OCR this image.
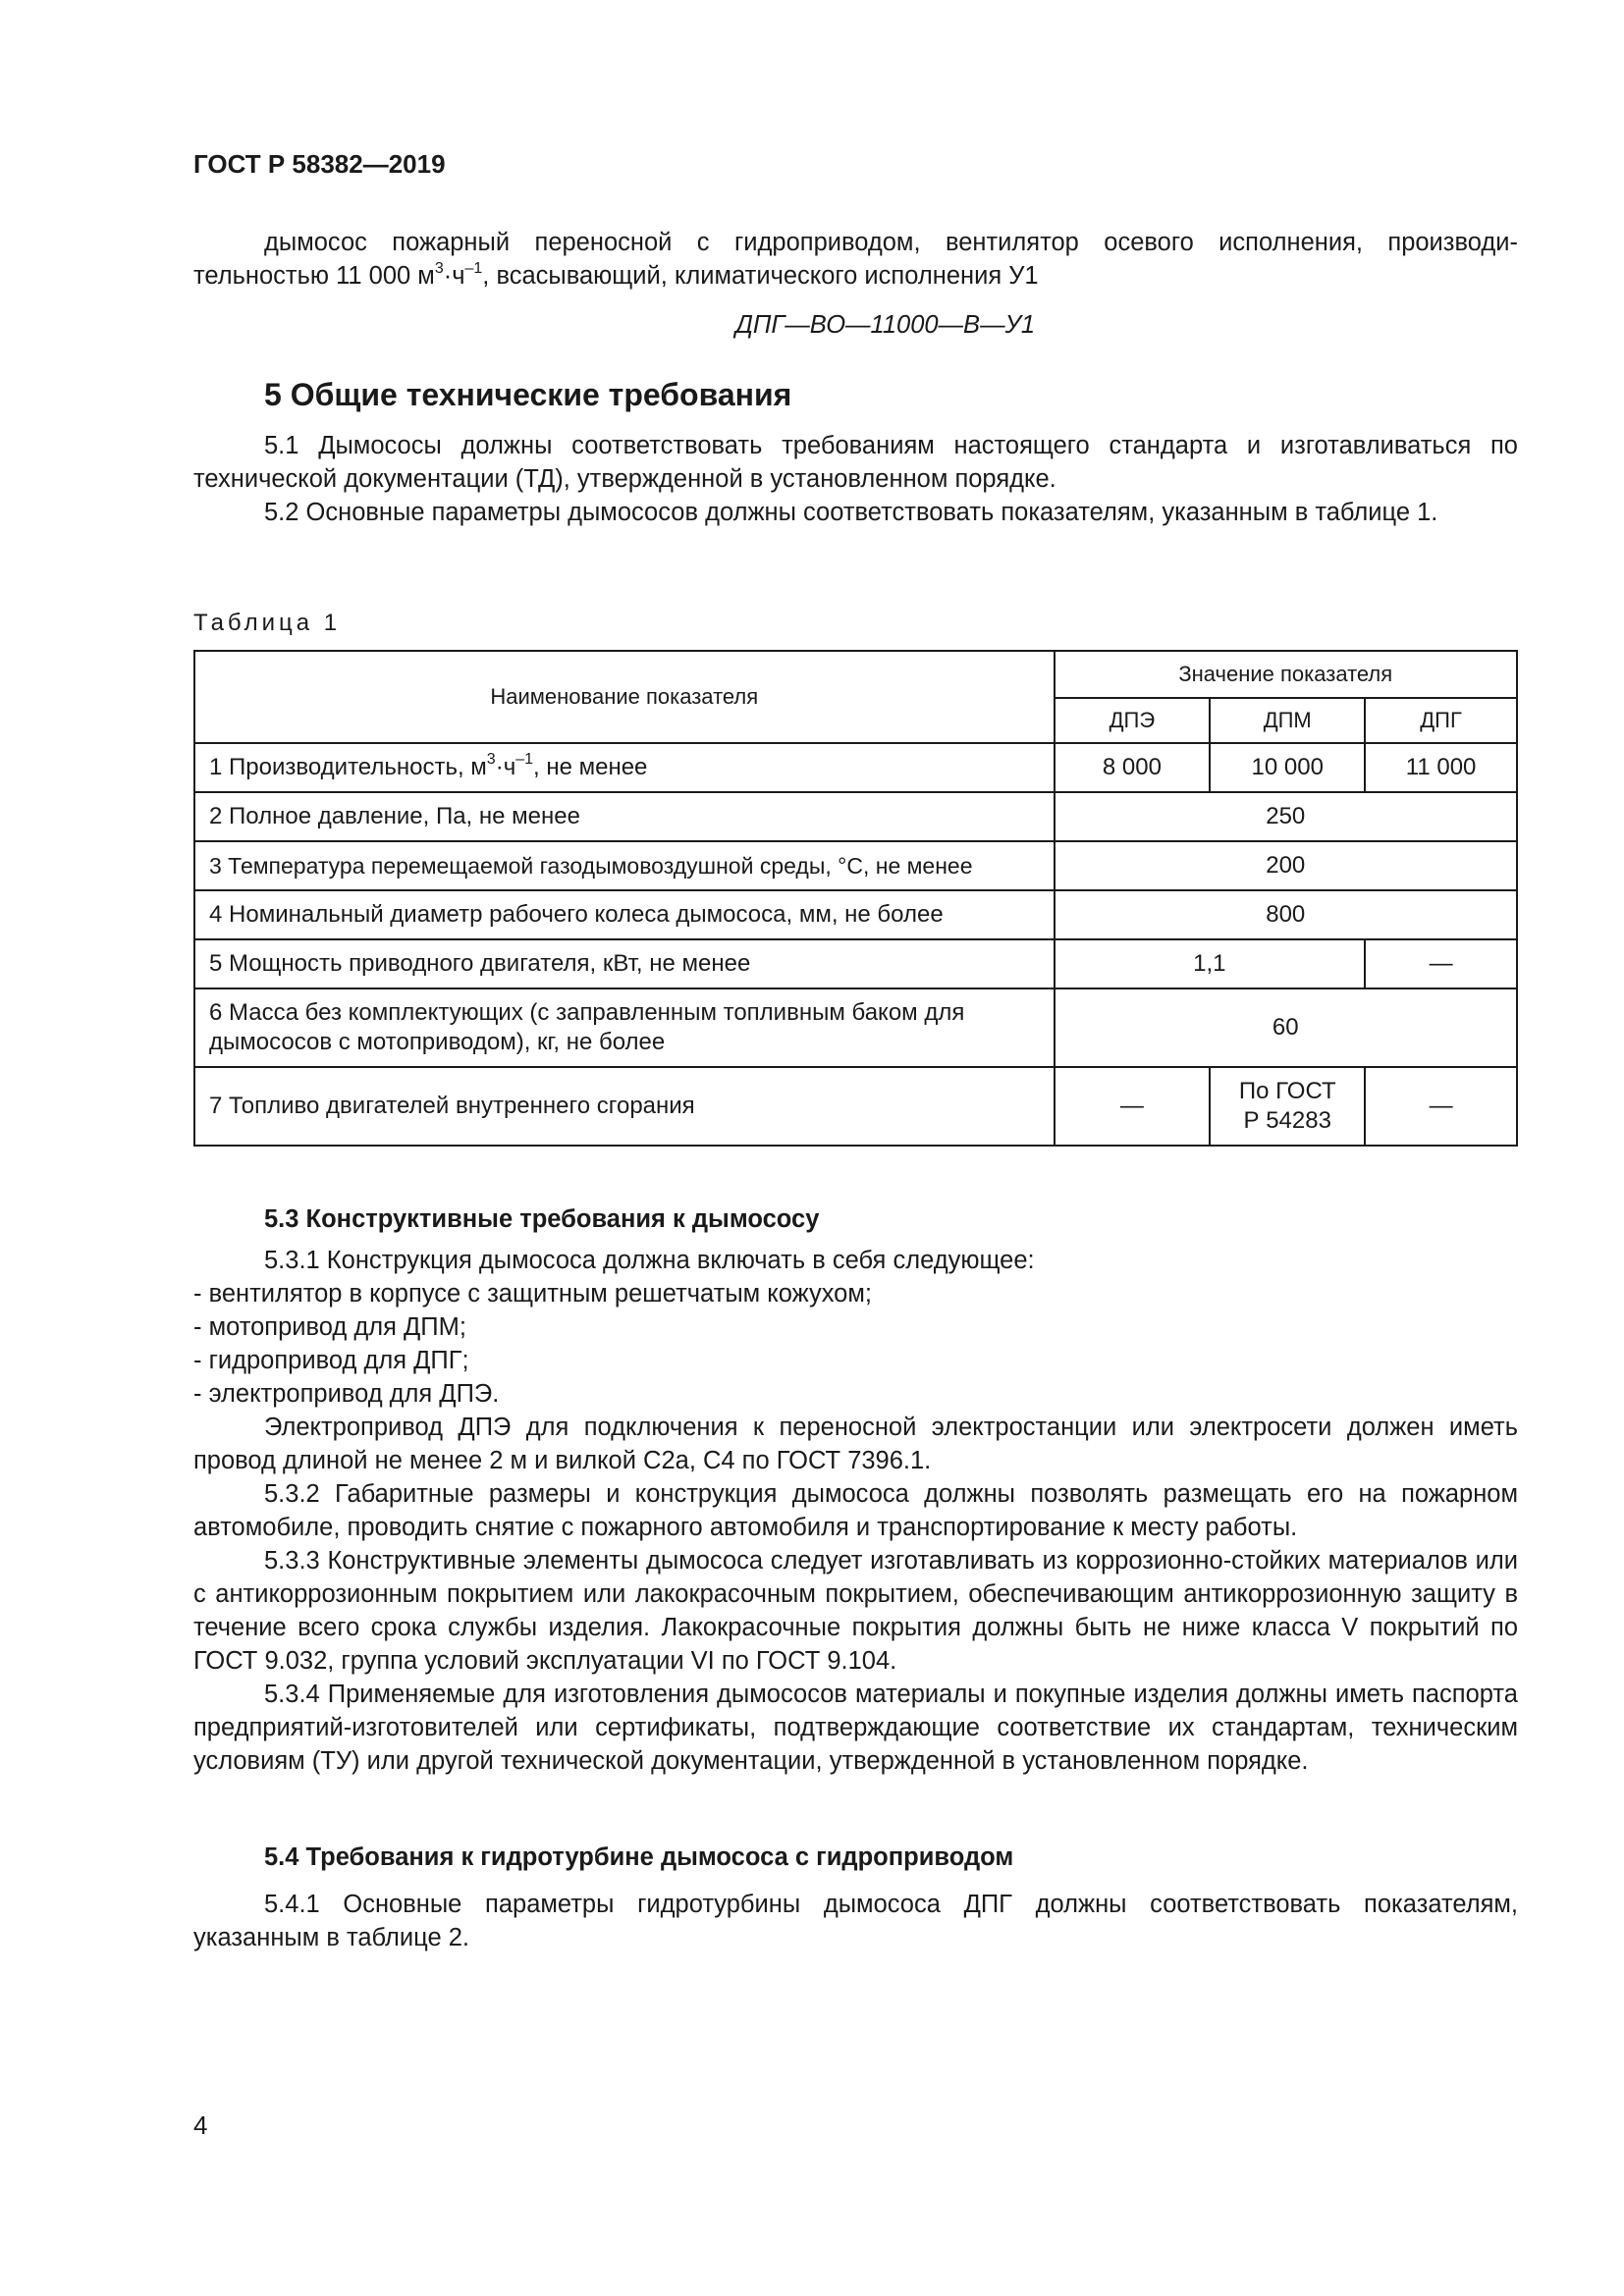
ГОСТ Р 58382—2019

дымосос пожарный переносной с гидроприводом, вентилятор осевого исполнения, производи-

тельностью 11 000 $м^3\cdot ч^{-1}$, всасывающий, климатического исполнения У1

ДПГ—ВО—11000—В—У1

5 Общие технические требования

5.1 Дымососы должны соответствовать требованиям настоящего стандарта и изготавливаться по технической документации (ТД), утвержденной в установленном порядке.

5.2 Основные параметры дымососов должны соответствовать показателям, указанным в таблице 1.

Таблица 1

Наименование показателя	Значение показателя		
	ДПЭ	ДПМ	ДПГ
1 Производительность, $м^3\cdot ч^{-1}$, не менее	8 000	10 000	11 000
2 Полное давление, Па, не менее	250		
3 Температура перемещаемой газодымовоздушной среды, °С, не менее	200		
4 Номинальный диаметр рабочего колеса дымососа, мм, не более	800		
5 Мощность приводного двигателя, кВт, не менее	1,1		—
6 Масса без комплектующих (с заправленным топливным баком для дымососов с мотоприводом), кг, не более	60		
7 Топливо двигателей внутреннего сгорания	—	По ГОСТ Р 54283	—

5.3 Конструктивные требования к дымососу

5.3.1 Конструкция дымососа должна включать в себя следующее:

- вентилятор в корпусе с защитным решетчатым кожухом;

- мотопривод для ДПМ;

- гидропривод для ДПГ;

- электропривод для ДПЭ.

Электропривод ДПЭ для подключения к переносной электростанции или электросети должен иметь провод длиной не менее 2 м и вилкой С2а, С4 по ГОСТ 7396.1.

5.3.2 Габаритные размеры и конструкция дымососа должны позволять размещать его на пожарном автомобиле, проводить снятие с пожарного автомобиля и транспортирование к месту работы.

5.3.3 Конструктивные элементы дымососа следует изготавливать из коррозионно-стойких материалов или с антикоррозионным покрытием или лакокрасочным покрытием, обеспечивающим антикоррозионную защиту в течение всего срока службы изделия. Лакокрасочные покрытия должны быть не ниже класса V покрытий по ГОСТ 9.032, группа условий эксплуатации VI по ГОСТ 9.104.

5.3.4 Применяемые для изготовления дымососов материалы и покупные изделия должны иметь паспорта предприятий-изготовителей или сертификаты, подтверждающие соответствие их стандартам, техническим условиям (ТУ) или другой технической документации, утвержденной в установленном порядке.

5.4 Требования к гидротурбине дымососа с гидроприводом

5.4.1 Основные параметры гидротурбины дымососа ДПГ должны соответствовать показателям, указанным в таблице 2.

4
